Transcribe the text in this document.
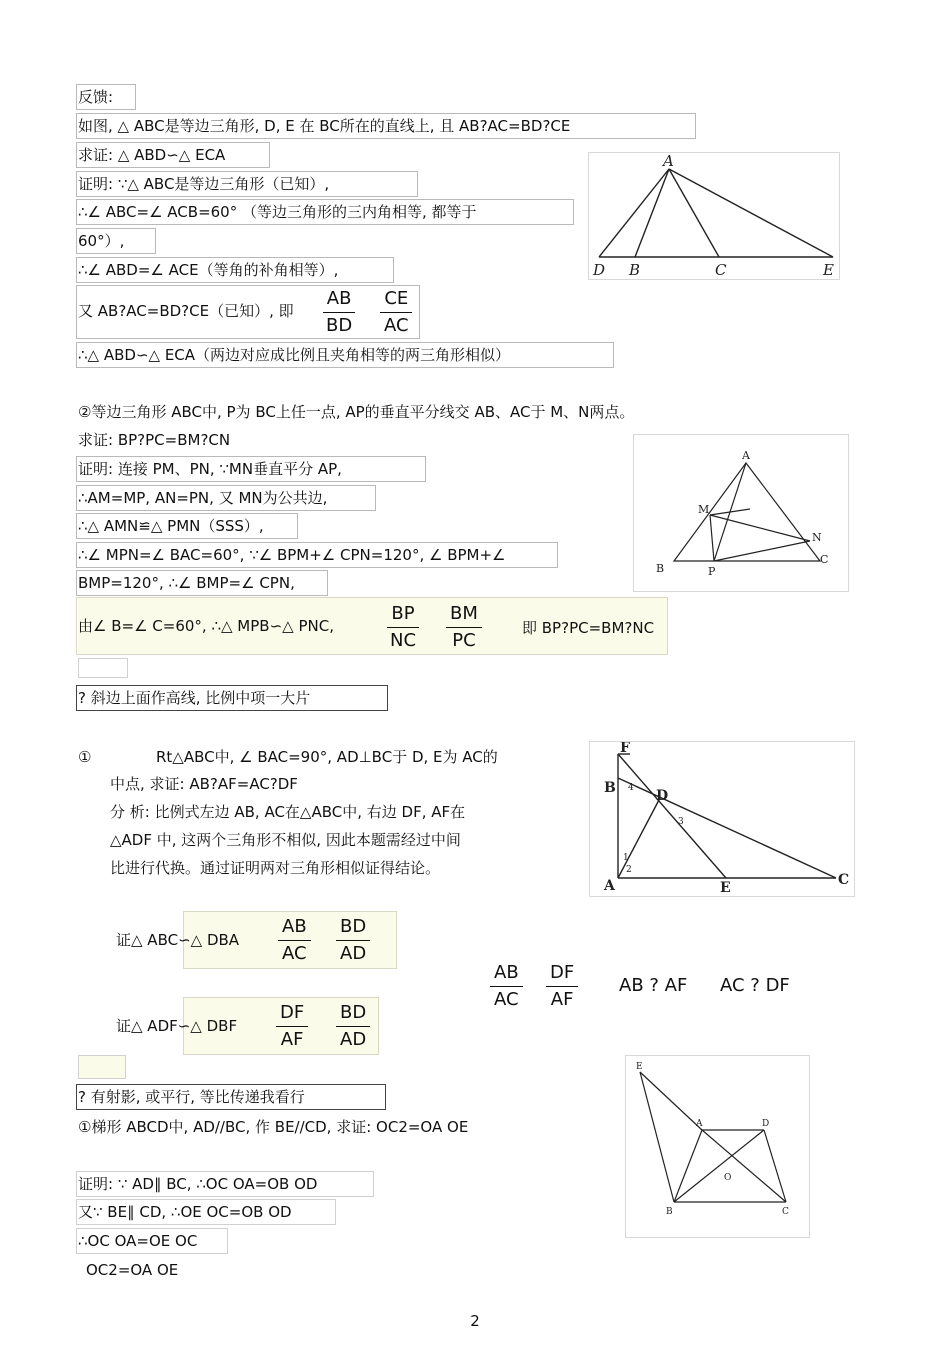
反馈:
如图, △ ABC是等边三角形, D, E 在 BC所在的直线上, 且 AB?AC=BD?CE
求证: △ ABD∽△ ECA
证明: ∵△ ABC是等边三角形（已知）,
∴∠ ABC=∠ ACB=60° （等边三角形的三内角相等, 都等于
60°）,
∴∠ ABD=∠ ACE（等角的补角相等）,
又 AB?AC=BD?CE（已知）, 即 $\frac{AB}{BD} \frac{CE}{AC}$
∴△ ABD∽△ ECA（两边对应成比例且夹角相等的两三角形相似）
A
D B	C	E
②等边三角形 ABC中, P为 BC上任一点, AP的垂直平分线交 AB、AC于 M、N两点。
求证: BP?PC=BM?CN
证明: 连接 PM、PN, ∵MN垂直平分 AP,
∴AM=MP, AN=PN, 又 MN为公共边,
∴△ AMN≌△ PMN（SSS）,
∴∠ MPN=∠ BAC=60°, ∵∠ BPM+∠ CPN=120°, ∠ BPM+∠
BMP=120°, ∴∠ BMP=∠ CPN,
由∠ B=∠ C=60°, ∴△ MPB∽△ PNC,	$\frac{BP}{NC} \frac{BM}{PC}$	即 BP?PC=BM?NC
A
M
N
B	P
C
? 斜边上面作高线, 比例中项一大片
①	Rt△ABC中, ∠ BAC=90°, AD⊥BC于 D, E为 AC的
中点, 求证: AB?AF=AC?DF
分 析: 比例式左边 AB, AC在△ABC中, 右边 DF, AF在
△ADF 中, 这两个三角形不相似, 因此本题需经过中间
比进行代换。通过证明两对三角形相似证得结论。
F
B	D
A	E	C
1
2
3
4
证△ ABC∽△ DBA $\frac{AB}{AC} \frac{BD}{AD}$
证△ ADF∽△ DBF $\frac{DF}{AF} \frac{BD}{AD}$
$\frac{AB}{AC} \frac{DF}{AF}$ AB ? AF AC ? DF
? 有射影, 或平行, 等比传递我看行
①梯形 ABCD中, AD//BC, 作 BE//CD, 求证: OC2=OA OE
证明: ∵ AD∥ BC, ∴OC OA=OB OD
又∵ BE∥ CD, ∴OE OC=OB OD
∴OC OA=OE OC
OC2=OA OE
E
A	D
O
B	C
2
